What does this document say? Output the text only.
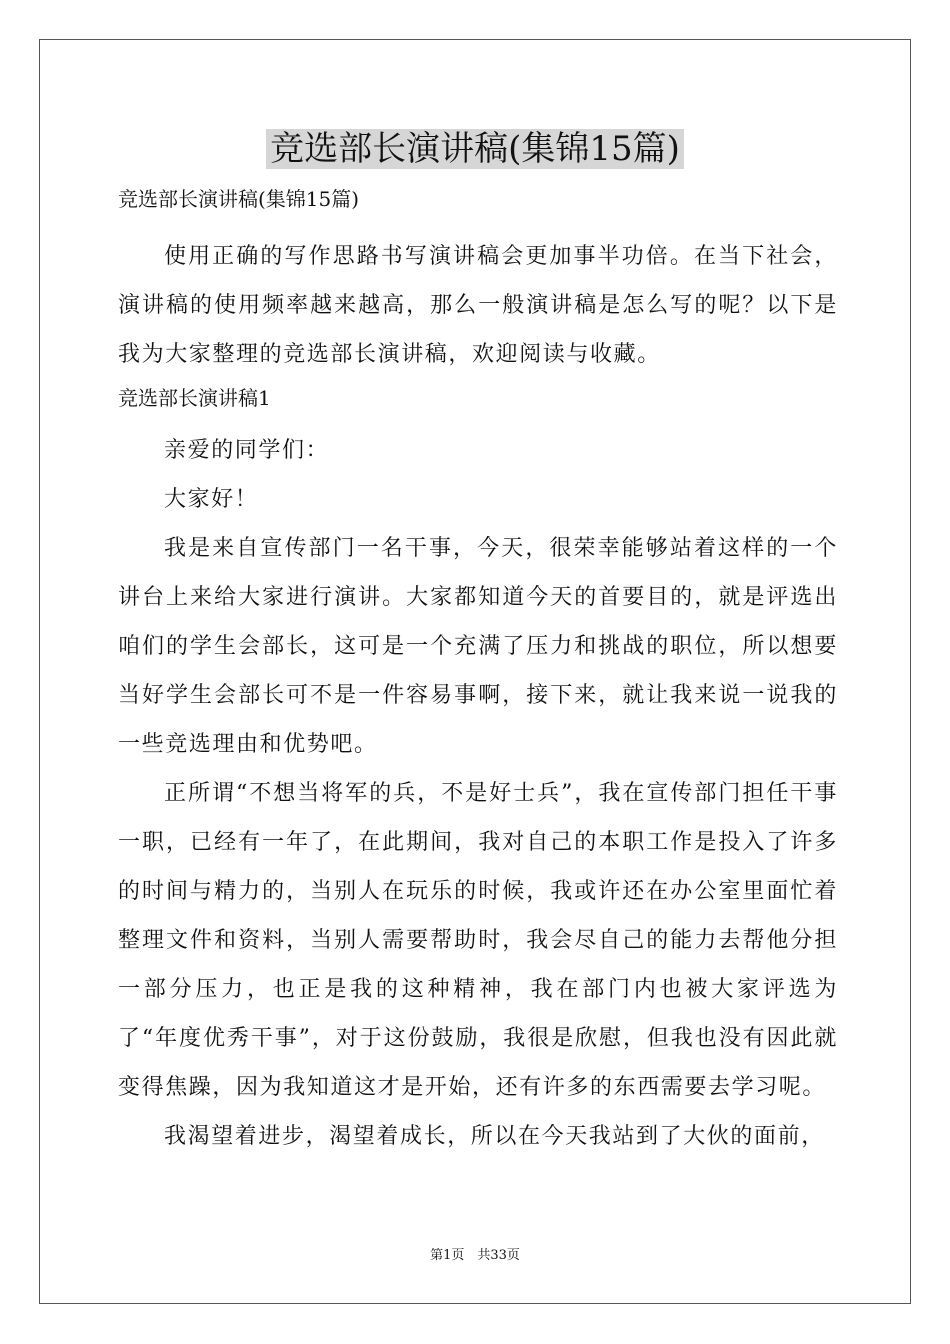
竞选部长演讲稿(集锦15篇)
竞选部长演讲稿(集锦15篇)

使用正确的写作思路书写演讲稿会更加事半功倍。在当下社会，演讲稿的使用频率越来越高，那么一般演讲稿是怎么写的呢？以下是我为大家整理的竞选部长演讲稿，欢迎阅读与收藏。

竞选部长演讲稿1

亲爱的同学们：

大家好！

我是来自宣传部门一名干事，今天，很荣幸能够站着这样的一个讲台上来给大家进行演讲。大家都知道今天的首要目的，就是评选出咱们的学生会部长，这可是一个充满了压力和挑战的职位，所以想要当好学生会部长可不是一件容易事啊，接下来，就让我来说一说我的一些竞选理由和优势吧。

正所谓“不想当将军的兵，不是好士兵”，我在宣传部门担任干事一职，已经有一年了，在此期间，我对自己的本职工作是投入了许多的时间与精力的，当别人在玩乐的时候，我或许还在办公室里面忙着整理文件和资料，当别人需要帮助时，我会尽自己的能力去帮他分担一部分压力，也正是我的这种精神，我在部门内也被大家评选为了“年度优秀干事”，对于这份鼓励，我很是欣慰，但我也没有因此就变得焦躁，因为我知道这才是开始，还有许多的东西需要去学习呢。

我渴望着进步，渴望着成长，所以在今天我站到了大伙的面前，

第1页　共33页
